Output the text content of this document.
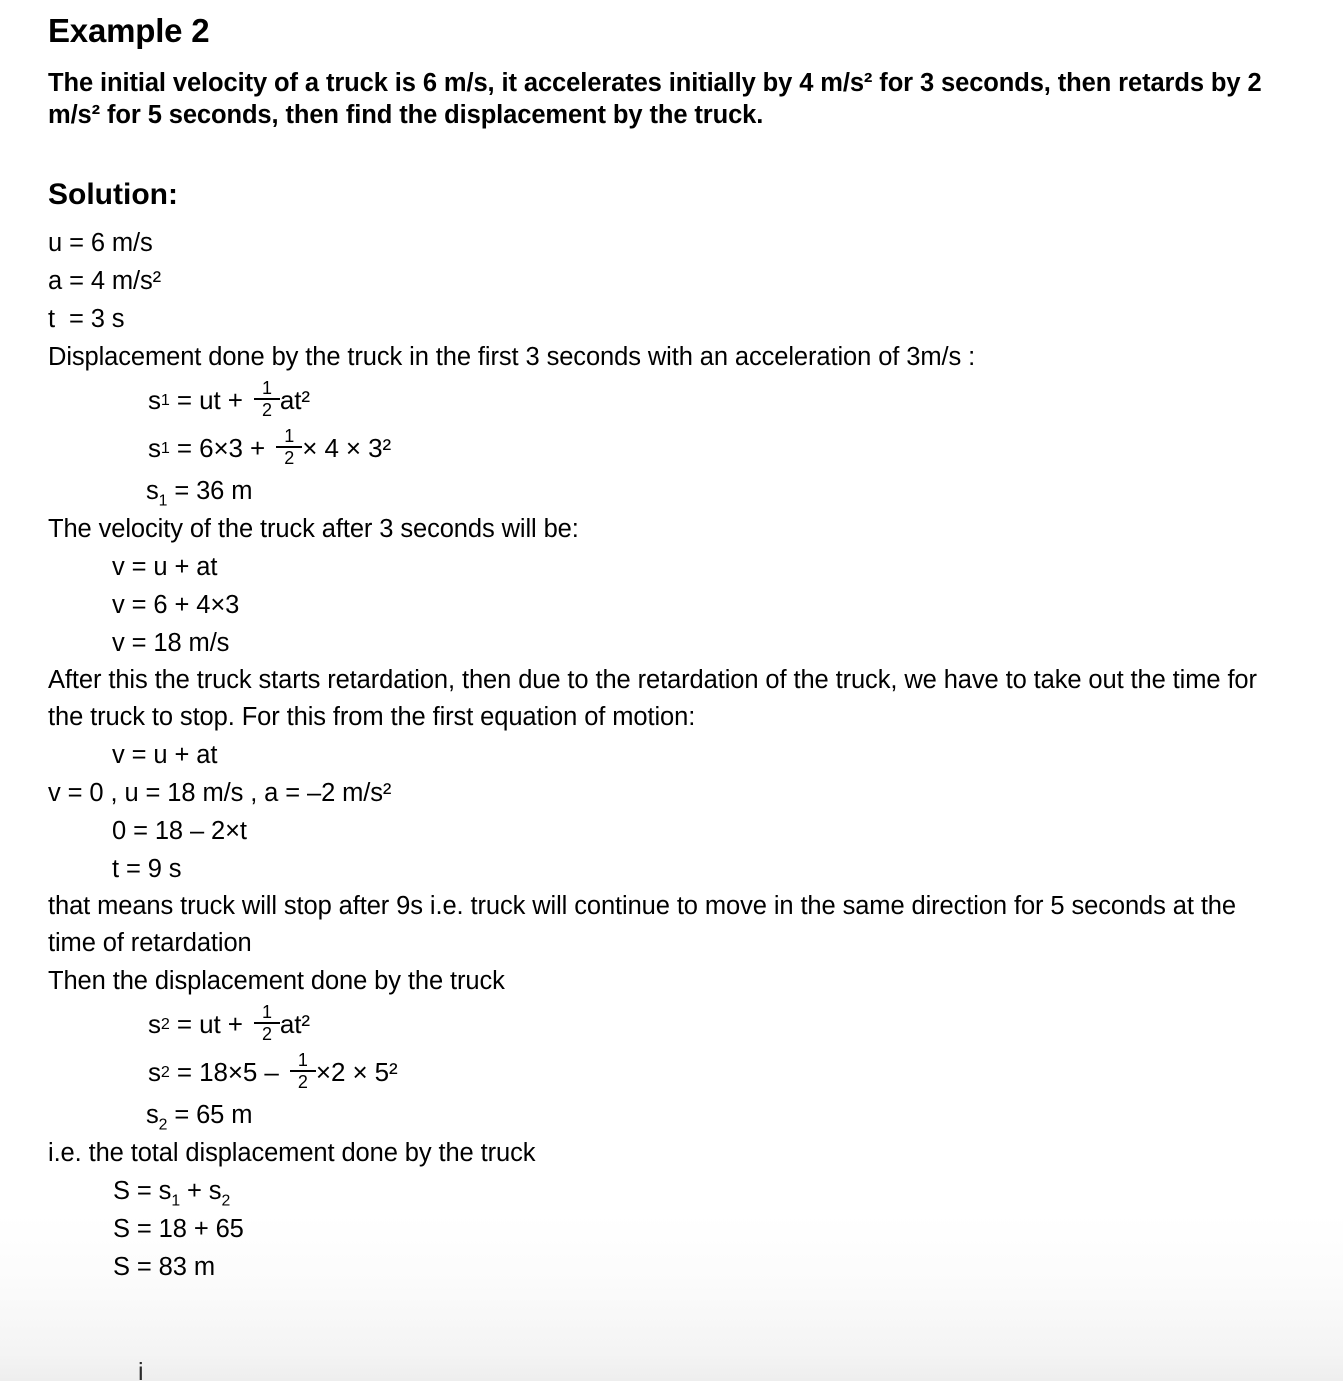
Example 2

The initial velocity of a truck is 6 m/s, it accelerates initially by 4 m/s² for 3 seconds, then retards by 2 m/s² for 5 seconds, then find the displacement by the truck.

Solution:
u = 6 m/s
a = 4 m/s²
t  = 3 s
Displacement done by the truck in the first 3 seconds with an acceleration of 3m/s :
s 1 = ut + $\frac{1}{2} at^2$
s $1 = 6\times 3 + \frac{1}{2} \times 4 \times 3^2$
$s_1 = 36$ m
The velocity of the truck after 3 seconds will be:
v = u + at
v = 6 + 4×3
v = 18 m/s

After this the truck starts retardation, then due to the retardation of the truck, we have to take out the time for the truck to stop. For this from the first equation of motion:

v = u + at
v = 0 , u = 18 m/s , a = –2 m/s²
0 = 18 – 2×t
t = 9 s

that means truck will stop after 9s i.e. truck will continue to move in the same direction for 5 seconds at the time of retardation

Then the displacement done by the truck
s 2 = ut + $\frac{1}{2} at^2$
s $2 = 18\times 5 - \frac{1}{2} \times 2 \times 5^2$
$s_2 = 65$ m
i.e. the total displacement done by the truck
$S = s_1 + s_2$
S = 18 + 65
S = 83 m
i
